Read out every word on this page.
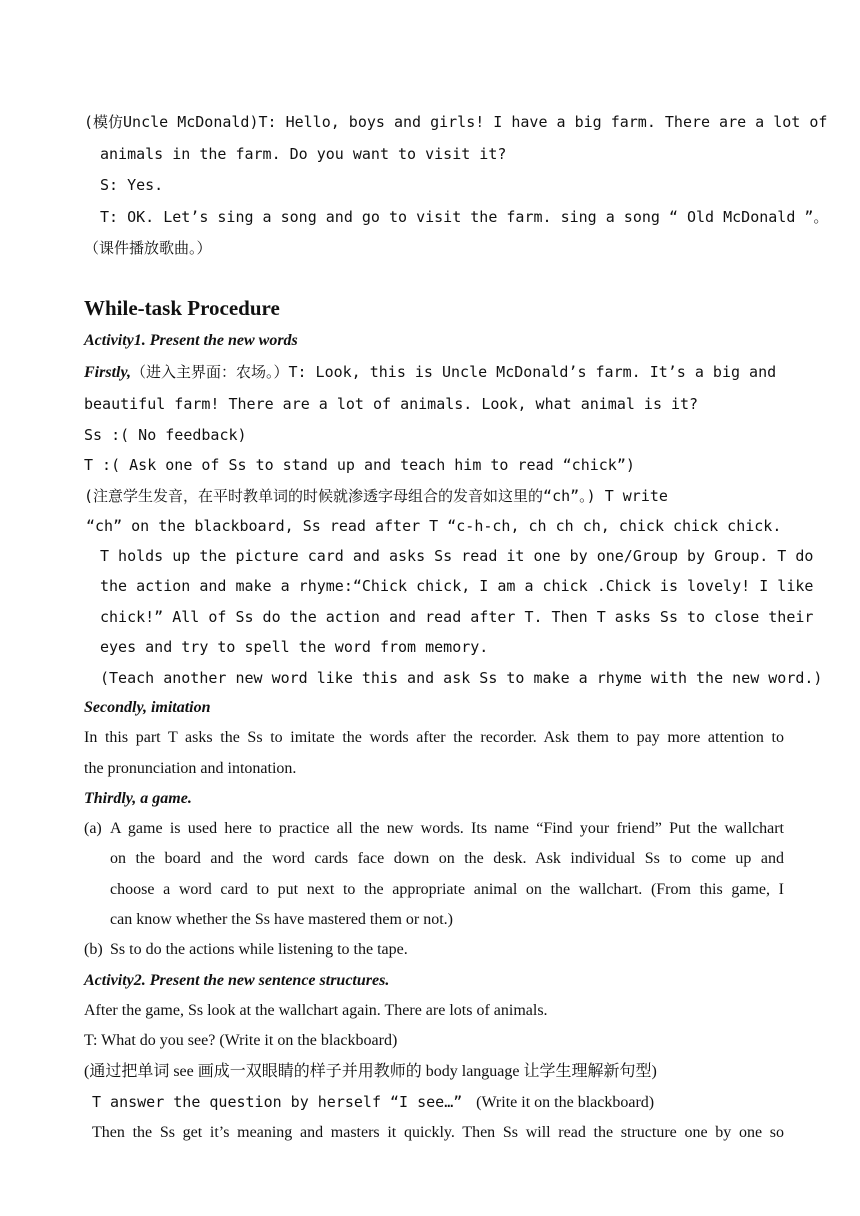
(模仿Uncle McDonald)T: Hello, boys and girls! I have a big farm. There are a lot of
animals in the farm. Do you want to visit it?
S: Yes.
T: OK. Let’s sing a song and go to visit the farm. sing a song “ Old McDonald ”。
（课件播放歌曲。）
While-task Procedure
Activity1. Present the new words
Firstly,（进入主界面：农场。）T: Look, this is Uncle McDonald’s farm. It’s a big and
beautiful farm! There are a lot of animals. Look, what animal is it?
Ss :( No feedback)
T :( Ask one of Ss to stand up and teach him to read “chick”)
(注意学生发音，在平时教单词的时候就渗透字母组合的发音如这里的“ch”。) T write
“ch” on the blackboard, Ss read after T “c-h-ch, ch ch ch, chick chick chick.
T holds up the picture card and asks Ss read it one by one/Group by Group. T do
the action and make a rhyme:“Chick chick, I am a chick .Chick is lovely! I like
chick!” All of Ss do the action and read after T. Then T asks Ss to close their
eyes and try to spell the word from memory.
(Teach another new word like this and ask Ss to make a rhyme with the new word.)
Secondly, imitation
In this part T asks the Ss to imitate the words after the recorder. Ask them to pay more attention to
the pronunciation and intonation.
Thirdly, a game.
(a) A game is used here to practice all the new words. Its name “Find your friend” Put the wallchart
on the board and the word cards face down on the desk. Ask individual Ss to come up and
choose a word card to put next to the appropriate animal on the wallchart. (From this game, I
can know whether the Ss have mastered them or not.)
(b) Ss to do the actions while listening to the tape.
Activity2. Present the new sentence structures.
After the game, Ss look at the wallchart again. There are lots of animals.
T: What do you see? (Write it on the blackboard)
(通过把单词 see 画成一双眼睛的样子并用教师的 body language 让学生理解新句型)
T answer the question by herself “I see…” (Write it on the blackboard)
Then the Ss get it’s meaning and masters it quickly. Then Ss will read the structure one by one so
